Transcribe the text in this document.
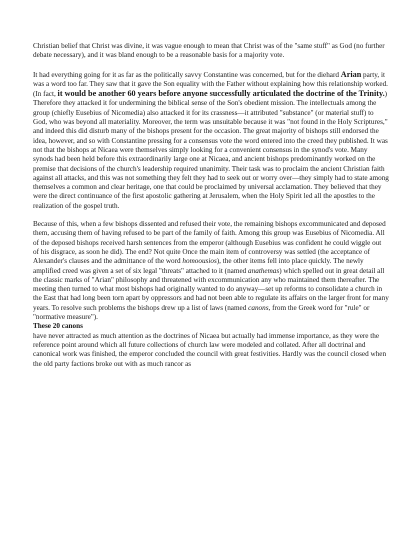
Christian belief that Christ was divine, it was vague enough to mean that Christ was of the "same stuff" as God (no further debate necessary), and it was bland enough to be a reasonable basis for a majority vote.

It had everything going for it as far as the politically savvy Constantine was concerned, but for the diehard Arian party, it was a word too far. They saw that it gave the Son equality with the Father without explaining how this relationship worked. (In fact, it would be another 60 years before anyone successfully articulated the doctrine of the Trinity.) Therefore they attacked it for undermining the biblical sense of the Son's obedient mission. The intellectuals among the group (chiefly Eusebius of Nicomedia) also attacked it for its crassness—it attributed "substance" (or material stuff) to God, who was beyond all materiality. Moreover, the term was unsuitable because it was "not found in the Holy Scriptures," and indeed this did disturb many of the bishops present for the occasion. The great majority of bishops still endorsed the idea, however, and so with Constantine pressing for a consensus vote the word entered into the creed they published. It was not that the bishops at Nicaea were themselves simply looking for a convenient consensus in the synod's vote. Many synods had been held before this extraordinarily large one at Nicaea, and ancient bishops predominantly worked on the premise that decisions of the church's leadership required unanimity. Their task was to proclaim the ancient Christian faith against all attacks, and this was not something they felt they had to seek out or worry over—they simply had to state among themselves a common and clear heritage, one that could be proclaimed by universal acclamation. They believed that they were the direct continuance of the first apostolic gathering at Jerusalem, when the Holy Spirit led all the apostles to the realization of the gospel truth.

Because of this, when a few bishops dissented and refused their vote, the remaining bishops excommunicated and deposed them, accusing them of having refused to be part of the family of faith. Among this group was Eusebius of Nicomedia. All of the deposed bishops received harsh sentences from the emperor (although Eusebius was confident he could wiggle out of his disgrace, as soon he did). The end? Not quite Once the main item of controversy was settled (the acceptance of Alexander's clauses and the admittance of the word homoousios), the other items fell into place quickly. The newly amplified creed was given a set of six legal "threats" attached to it (named anathemas) which spelled out in great detail all the classic marks of "Arian" philosophy and threatened with excommunication any who maintained them thereafter. The meeting then turned to what most bishops had originally wanted to do anyway—set up reforms to consolidate a church in the East that had long been torn apart by oppressors and had not been able to regulate its affairs on the larger front for many years. To resolve such problems the bishops drew up a list of laws (named canons, from the Greek word for "rule" or "normative measure").

These 20 canons

have never attracted as much attention as the doctrines of Nicaea but actually had immense importance, as they were the reference point around which all future collections of church law were modeled and collated. After all doctrinal and canonical work was finished, the emperor concluded the council with great festivities. Hardly was the council closed when the old party factions broke out with as much rancor as
